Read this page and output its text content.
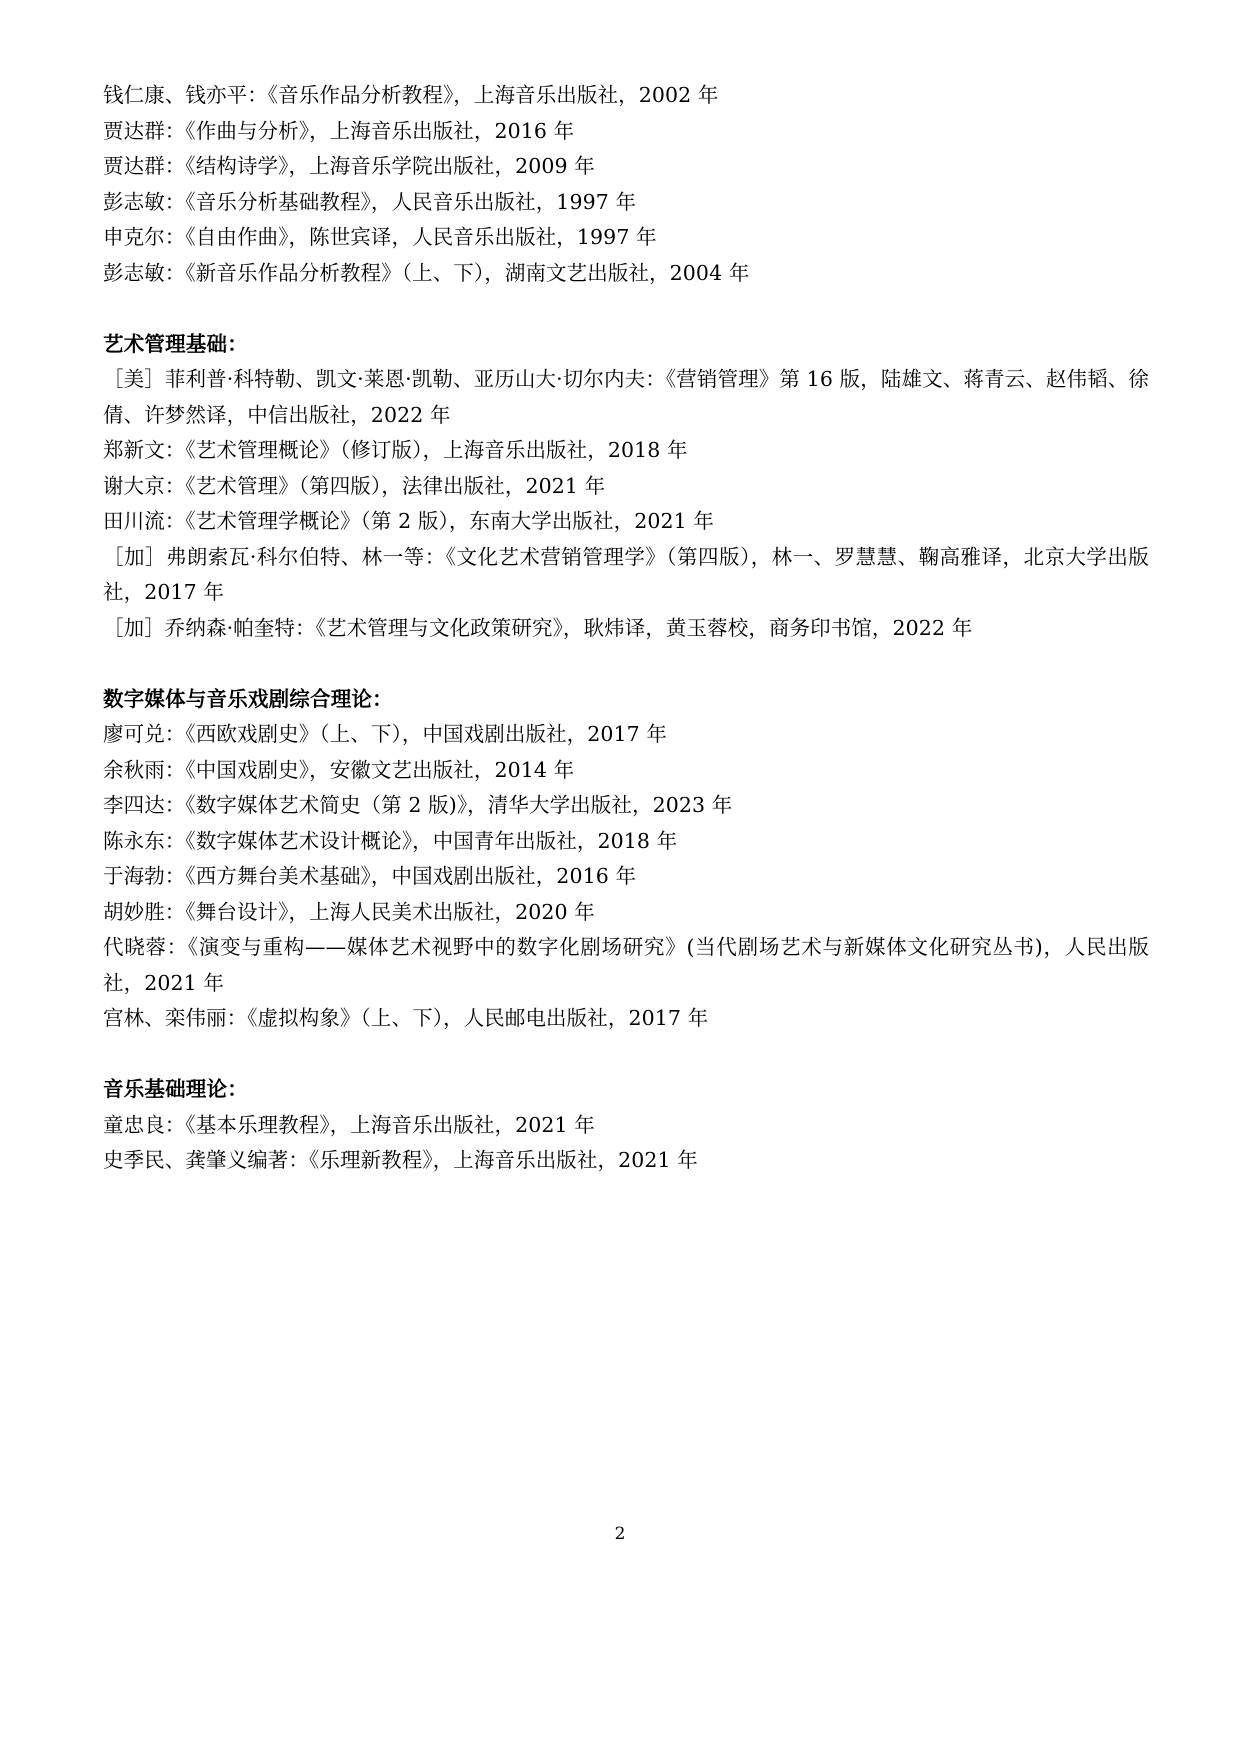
钱仁康、钱亦平：《音乐作品分析教程》，上海音乐出版社，2002 年

贾达群：《作曲与分析》，上海音乐出版社，2016 年

贾达群：《结构诗学》，上海音乐学院出版社，2009 年

彭志敏：《音乐分析基础教程》，人民音乐出版社，1997 年

申克尔：《自由作曲》，陈世宾译，人民音乐出版社，1997 年

彭志敏：《新音乐作品分析教程》（上、下），湖南文艺出版社，2004 年

艺术管理基础：

［美］菲利普·科特勒、凯文·莱恩·凯勒、亚历山大·切尔内夫：《营销管理》第 16 版，陆雄文、蒋青云、赵伟韬、徐倩、许梦然译，中信出版社，2022 年

郑新文：《艺术管理概论》（修订版），上海音乐出版社，2018 年

谢大京：《艺术管理》（第四版），法律出版社，2021 年

田川流：《艺术管理学概论》（第 2 版），东南大学出版社，2021 年

［加］弗朗索瓦·科尔伯特、林一等：《文化艺术营销管理学》（第四版），林一、罗慧慧、鞠高雅译，北京大学出版社，2017 年

［加］乔纳森·帕奎特：《艺术管理与文化政策研究》，耿炜译，黄玉蓉校，商务印书馆，2022 年

数字媒体与音乐戏剧综合理论：

廖可兑：《西欧戏剧史》（上、下），中国戏剧出版社，2017 年

余秋雨：《中国戏剧史》，安徽文艺出版社，2014 年

李四达：《数字媒体艺术简史（第 2 版)》，清华大学出版社，2023 年

陈永东：《数字媒体艺术设计概论》，中国青年出版社，2018 年

于海勃：《西方舞台美术基础》，中国戏剧出版社，2016 年

胡妙胜：《舞台设计》，上海人民美术出版社，2020 年

代晓蓉：《演变与重构——媒体艺术视野中的数字化剧场研究》(当代剧场艺术与新媒体文化研究丛书)，人民出版社，2021 年

宫林、栾伟丽：《虚拟构象》（上、下），人民邮电出版社，2017 年

音乐基础理论：

童忠良：《基本乐理教程》，上海音乐出版社，2021 年

史季民、龚肇义编著：《乐理新教程》，上海音乐出版社，2021 年

2
